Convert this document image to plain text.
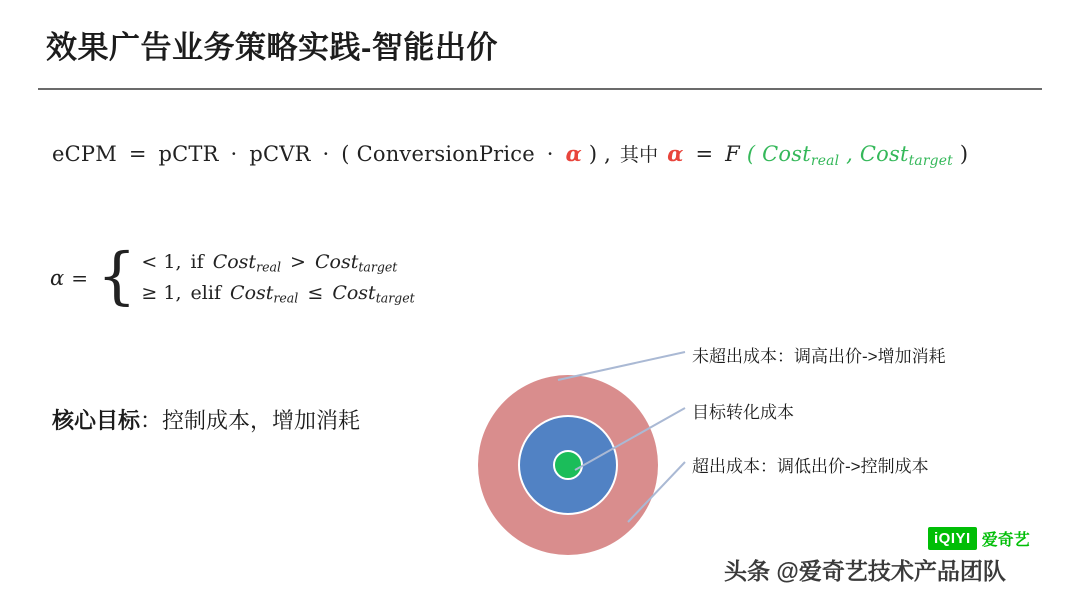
效果广告业务策略实践-智能出价
eCPM = pCTR · pCVR · ( ConversionPrice · α ) , 其中 α = F ( Cost$_{real}$ , Cost$_{target}$ )
α = { < 1, if Cost$_{real}$ > Cost$_{target}$
≥ 1, elif Cost$_{real}$ ≤ Cost$_{target}$
核心目标：控制成本，增加消耗
未超出成本：调高出价->增加消耗
目标转化成本
超出成本：调低出价->控制成本
iQIYI 爱奇艺
头条 @爱奇艺技术产品团队
